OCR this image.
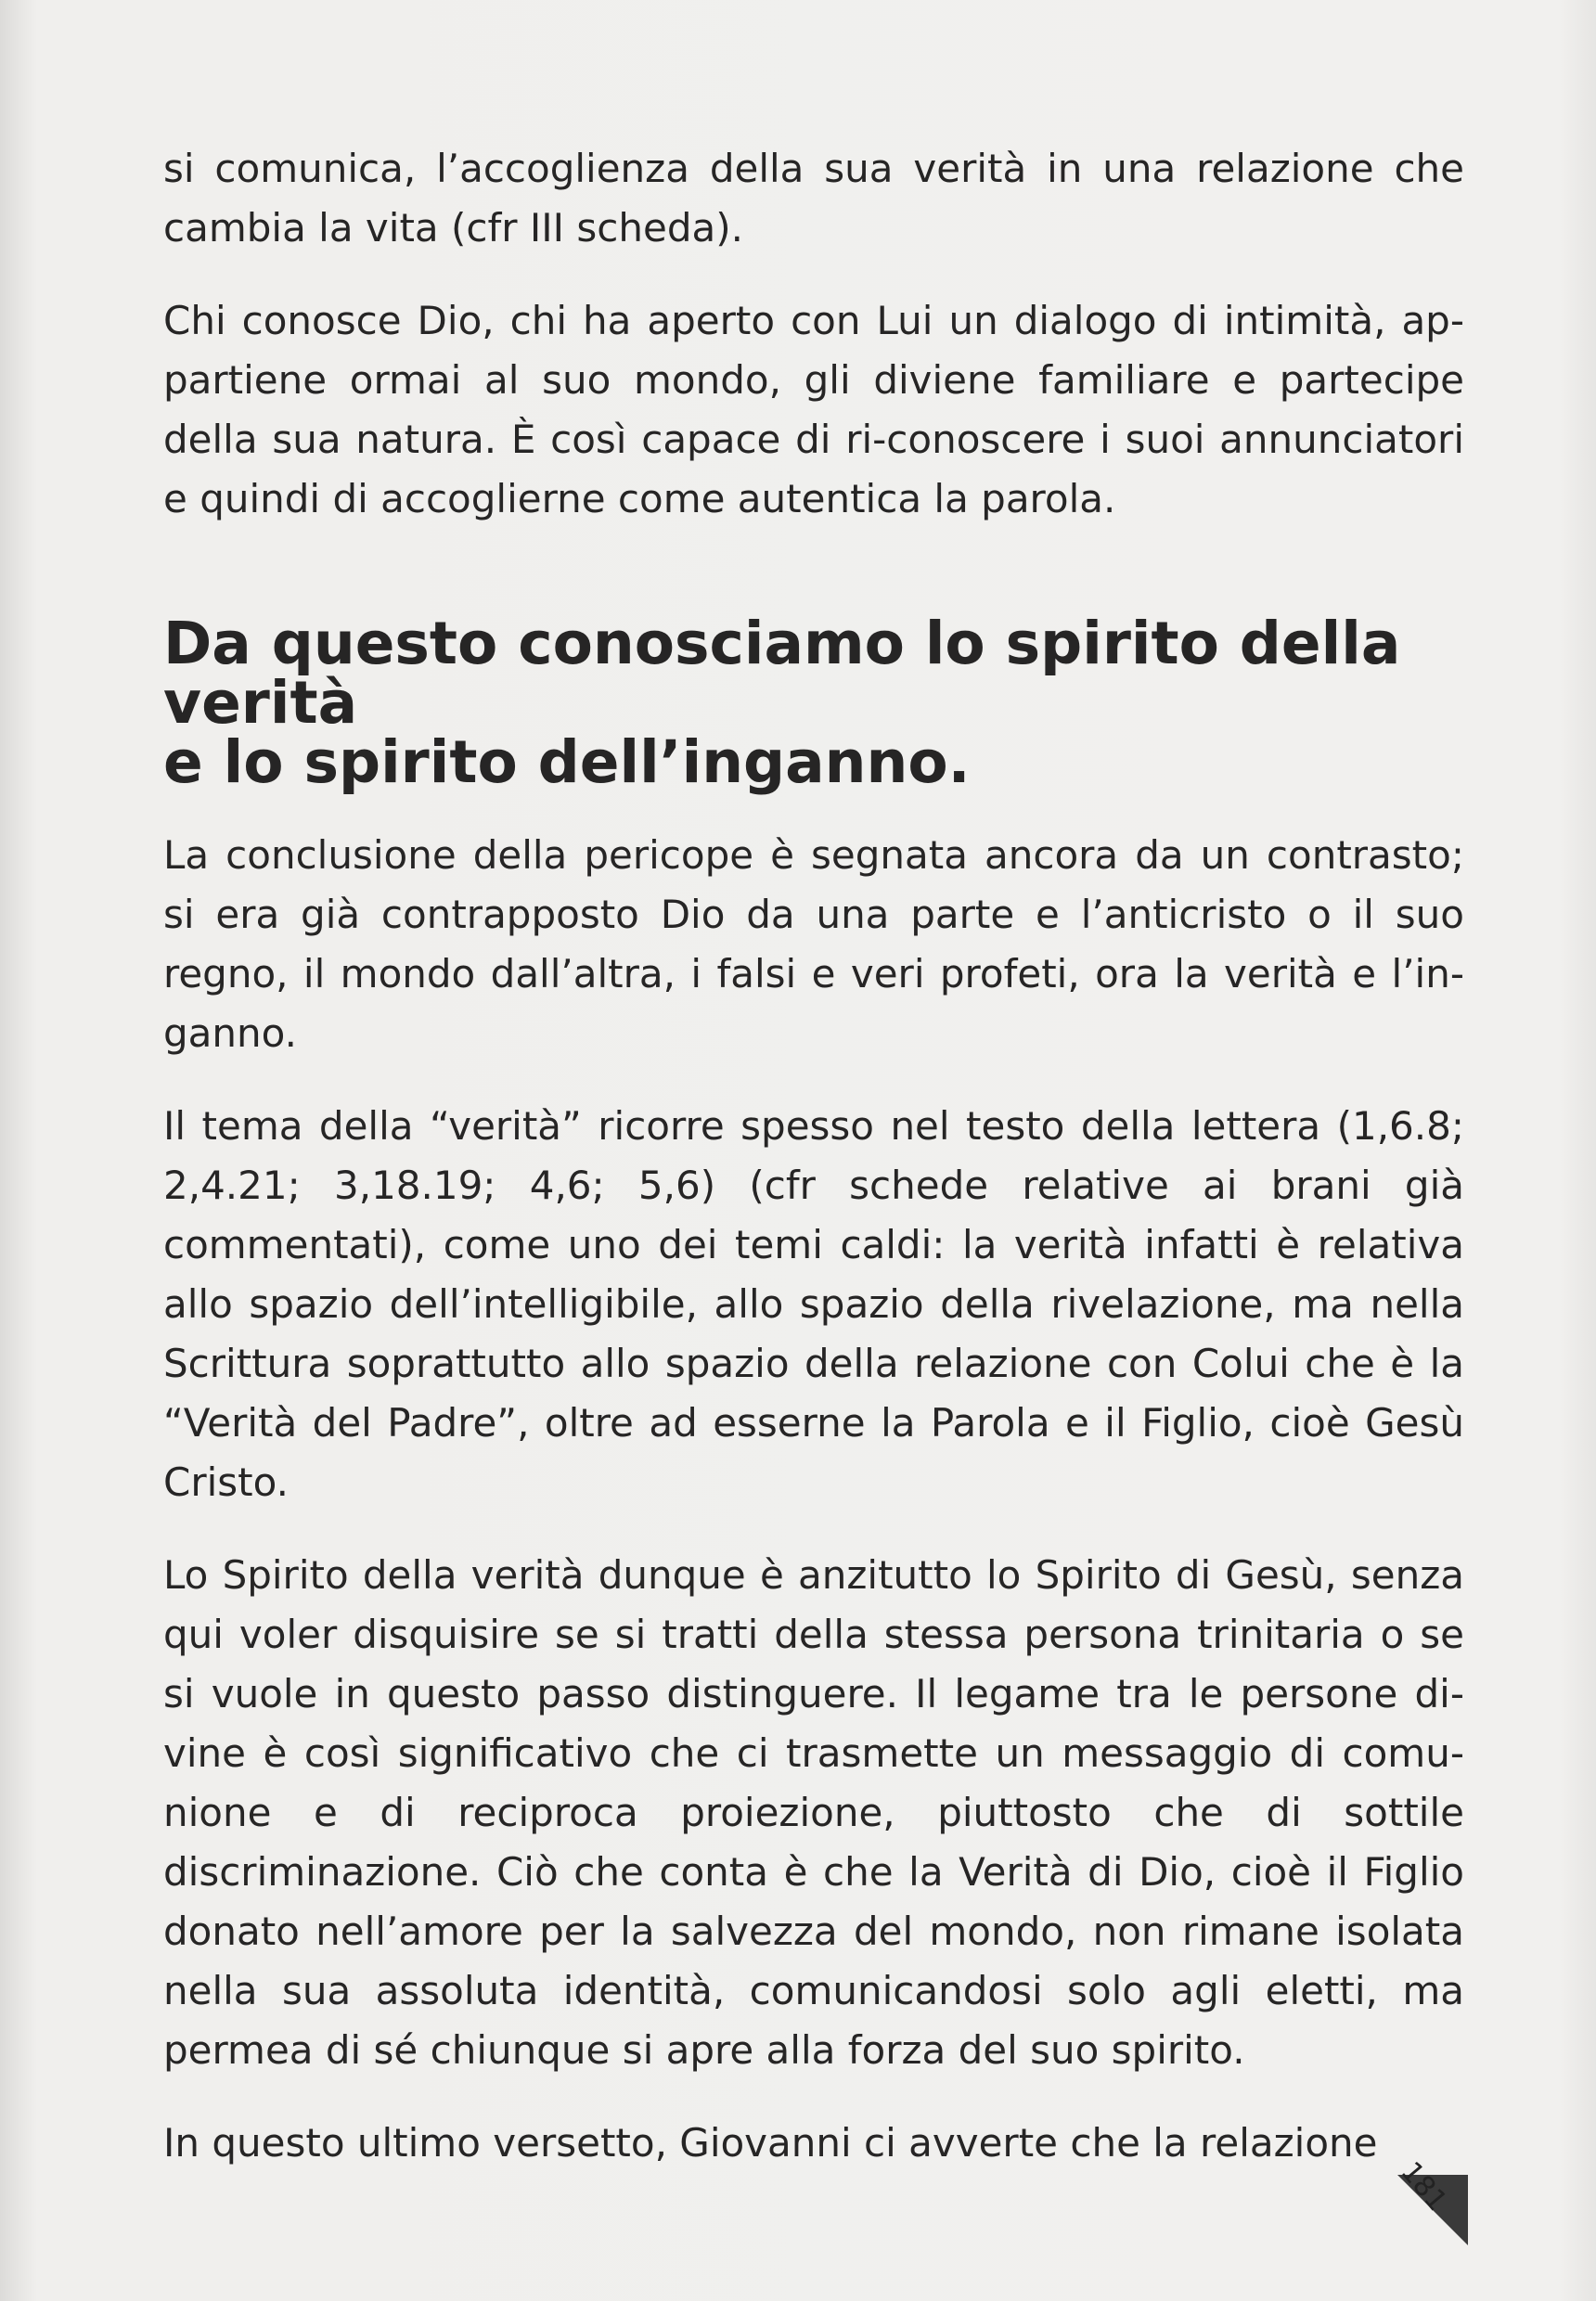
si comunica, l’accoglienza della sua verità in una relazione che cambia la vita (cfr III scheda).

Chi conosce Dio, chi ha aperto con Lui un dialogo di intimità, appartiene ormai al suo mondo, gli diviene familiare e partecipe della sua natura. È così capace di ri-conoscere i suoi annunciatori e quindi di accoglierne come autentica la parola.

Da questo conosciamo lo spirito della verità
e lo spirito dell’inganno.

La conclusione della pericope è segnata ancora da un contrasto; si era già contrapposto Dio da una parte e l’anticristo o il suo regno, il mondo dall’altra, i falsi e veri profeti, ora la verità e l’inganno.

Il tema della “verità” ricorre spesso nel testo della lettera (1,6.8; 2,4.21; 3,18.19; 4,6; 5,6) (cfr schede relative ai brani già commentati), come uno dei temi caldi: la verità infatti è relativa allo spazio dell’intelligibile, allo spazio della rivelazione, ma nella Scrittura soprattutto allo spazio della relazione con Colui che è la “Verità del Padre”, oltre ad esserne la Parola e il Figlio, cioè Gesù Cristo.

Lo Spirito della verità dunque è anzitutto lo Spirito di Gesù, senza qui voler disquisire se si tratti della stessa persona trinitaria o se si vuole in questo passo distinguere. Il legame tra le persone divine è così significativo che ci trasmette un messaggio di comunione e di reciproca proiezione, piuttosto che di sottile discriminazione. Ciò che conta è che la Verità di Dio, cioè il Figlio donato nell’amore per la salvezza del mondo, non rimane isolata nella sua assoluta identità, comunicandosi solo agli eletti, ma permea di sé chiunque si apre alla forza del suo spirito.

In questo ultimo versetto, Giovanni ci avverte che la relazione

181
